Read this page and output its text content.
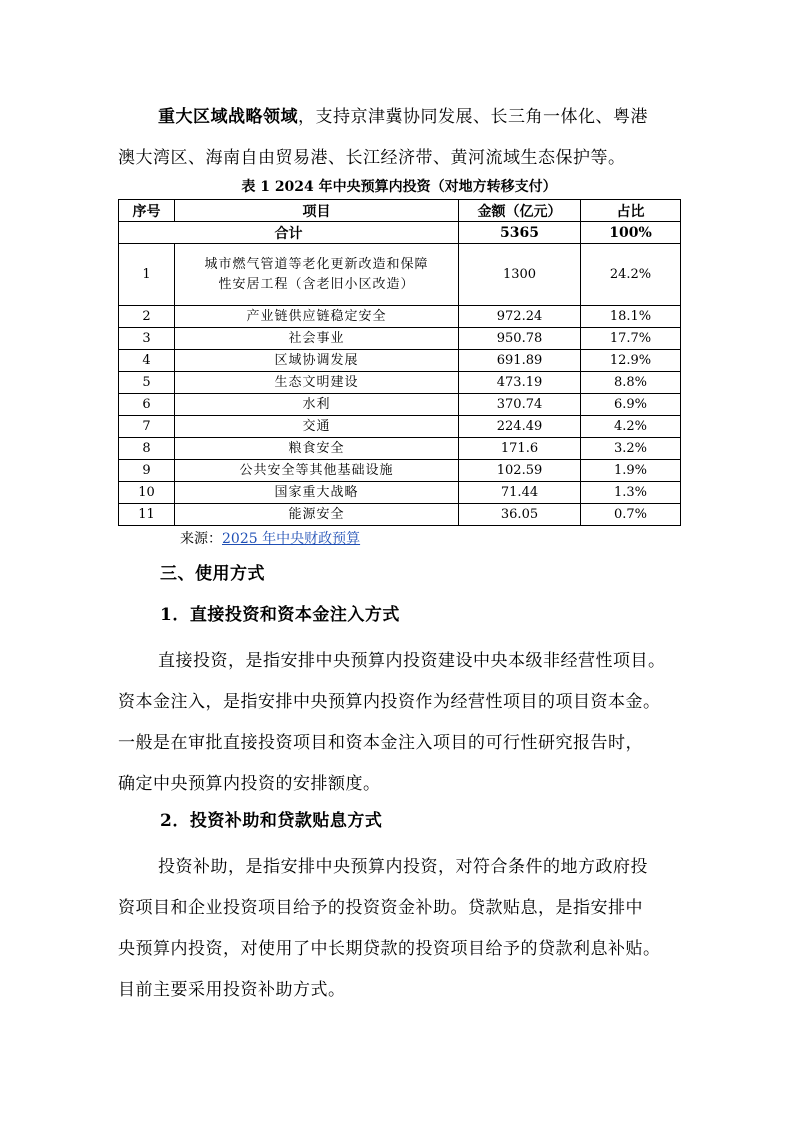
重大区域战略领域，支持京津冀协同发展、长三角一体化、粤港
澳大湾区、海南自由贸易港、长江经济带、黄河流域生态保护等。
表 1 2024 年中央预算内投资（对地方转移支付）
序号	项目	金额（亿元）	占比
合计		5365	100%
1	城市燃气管道等老化更新改造和保障
性安居工程（含老旧小区改造）	1300	24.2%
2	产业链供应链稳定安全	972.24	18.1%
3	社会事业	950.78	17.7%
4	区域协调发展	691.89	12.9%
5	生态文明建设	473.19	8.8%
6	水利	370.74	6.9%
7	交通	224.49	4.2%
8	粮食安全	171.6	3.2%
9	公共安全等其他基础设施	102.59	1.9%
10	国家重大战略	71.44	1.3%
11	能源安全	36.05	0.7%
来源：2025 年中央财政预算
三、使用方式
1．直接投资和资本金注入方式
直接投资，是指安排中央预算内投资建设中央本级非经营性项目。
资本金注入，是指安排中央预算内投资作为经营性项目的项目资本金。
一般是在审批直接投资项目和资本金注入项目的可行性研究报告时，
确定中央预算内投资的安排额度。
2．投资补助和贷款贴息方式
投资补助，是指安排中央预算内投资，对符合条件的地方政府投
资项目和企业投资项目给予的投资资金补助。贷款贴息，是指安排中
央预算内投资，对使用了中长期贷款的投资项目给予的贷款利息补贴。
目前主要采用投资补助方式。
